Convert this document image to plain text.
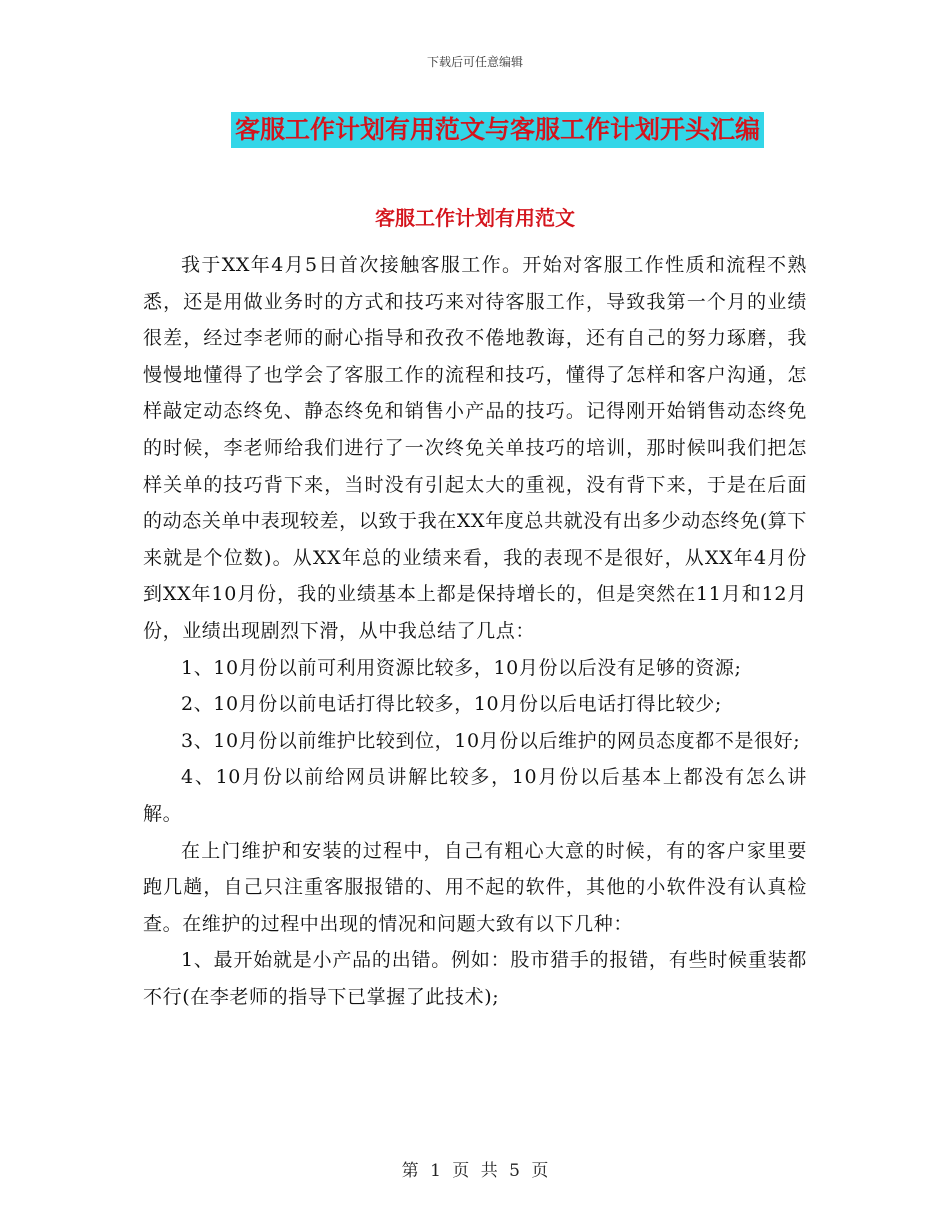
下载后可任意编辑
客服工作计划有用范文与客服工作计划开头汇编
客服工作计划有用范文

我于XX年4月5日首次接触客服工作。开始对客服工作性质和流程不熟悉，还是用做业务时的方式和技巧来对待客服工作，导致我第一个月的业绩很差，经过李老师的耐心指导和孜孜不倦地教诲，还有自己的努力琢磨，我慢慢地懂得了也学会了客服工作的流程和技巧，懂得了怎样和客户沟通，怎样敲定动态终免、静态终免和销售小产品的技巧。记得刚开始销售动态终免的时候，李老师给我们进行了一次终免关单技巧的培训，那时候叫我们把怎样关单的技巧背下来，当时没有引起太大的重视，没有背下来，于是在后面的动态关单中表现较差，以致于我在XX年度总共就没有出多少动态终免(算下来就是个位数)。从XX年总的业绩来看，我的表现不是很好，从XX年4月份到XX年10月份，我的业绩基本上都是保持增长的，但是突然在11月和12月份，业绩出现剧烈下滑，从中我总结了几点：

1、10月份以前可利用资源比较多，10月份以后没有足够的资源;

2、10月份以前电话打得比较多，10月份以后电话打得比较少;

3、10月份以前维护比较到位，10月份以后维护的网员态度都不是很好;

4、10月份以前给网员讲解比较多，10月份以后基本上都没有怎么讲解。

在上门维护和安装的过程中，自己有粗心大意的时候，有的客户家里要跑几趟，自己只注重客服报错的、用不起的软件，其他的小软件没有认真检查。在维护的过程中出现的情况和问题大致有以下几种：

1、最开始就是小产品的出错。例如：股市猎手的报错，有些时候重装都不行(在李老师的指导下已掌握了此技术);

第 1 页 共 5 页
